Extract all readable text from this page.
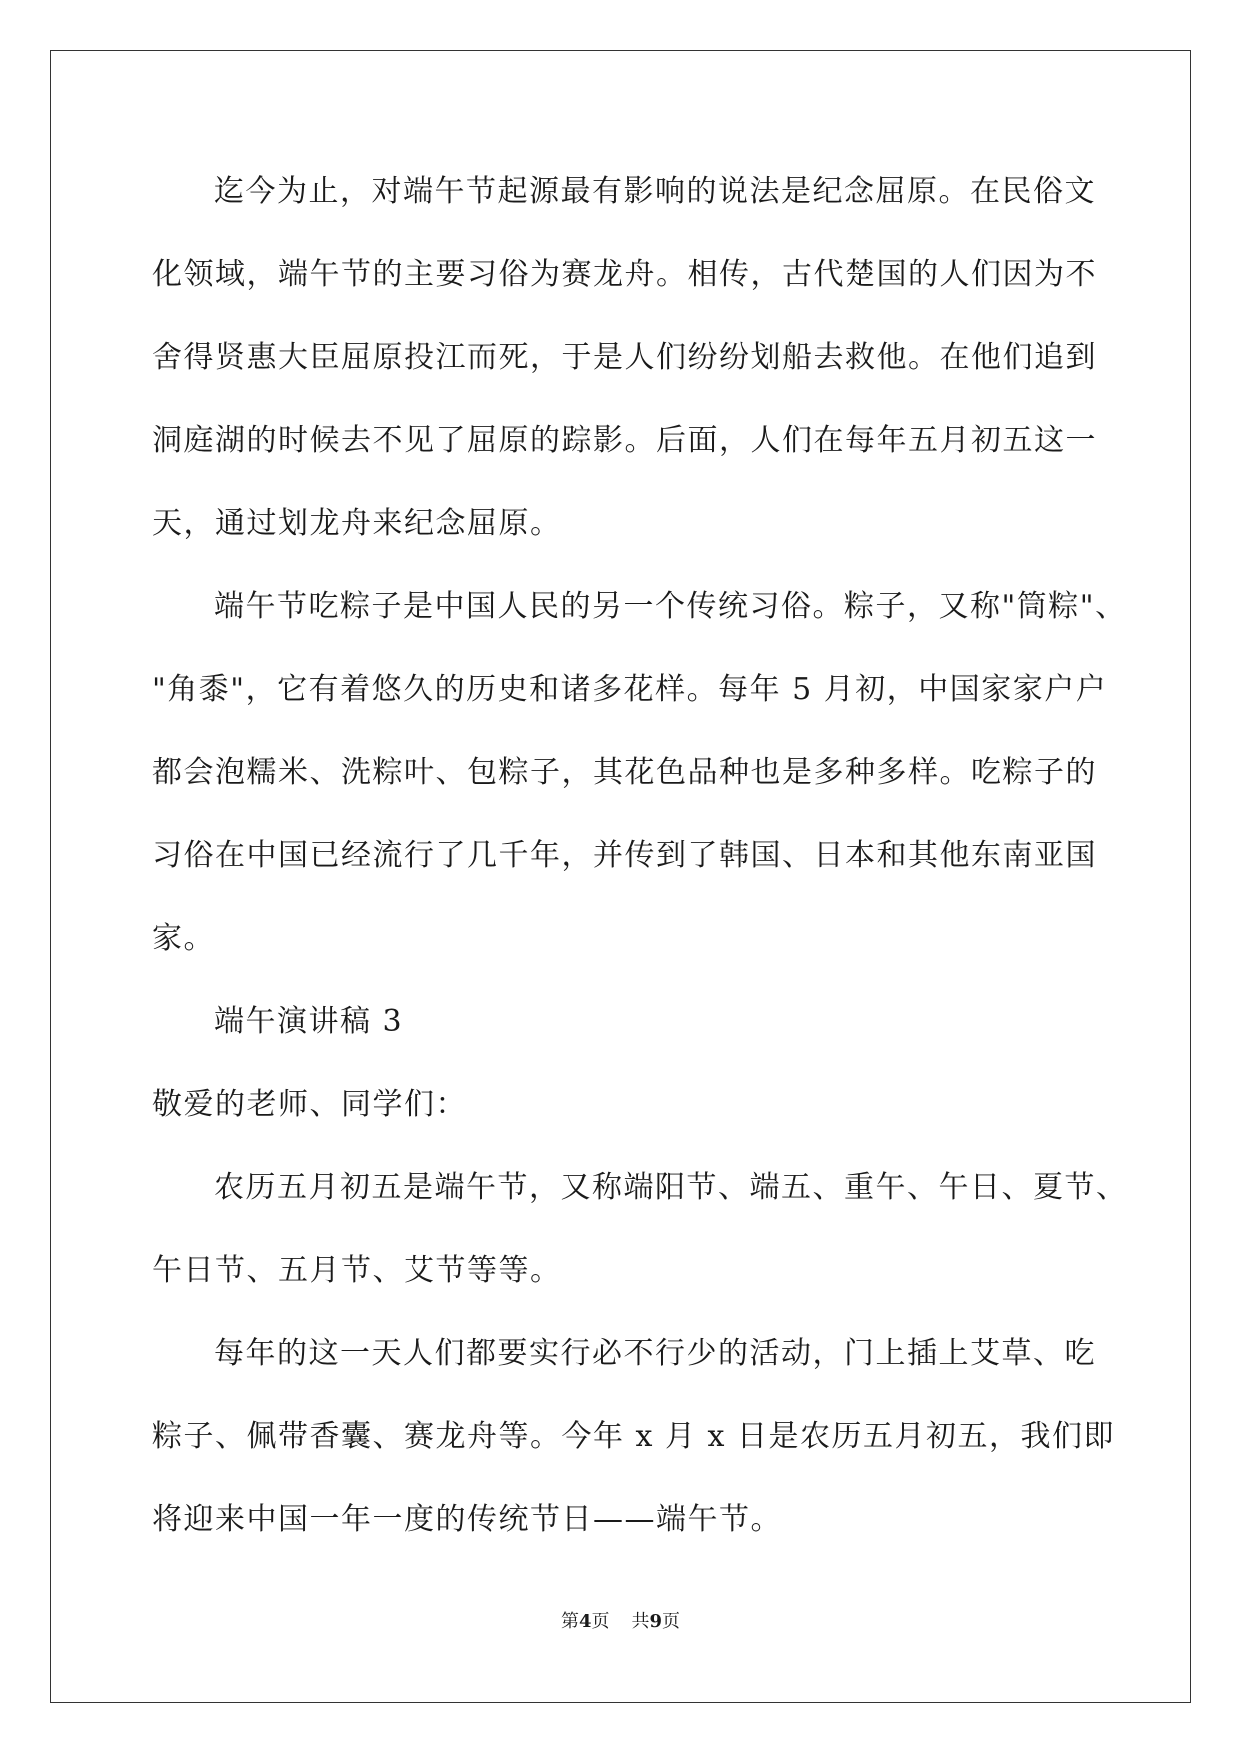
迄今为止，对端午节起源最有影响的说法是纪念屈原。在民俗文
化领域，端午节的主要习俗为赛龙舟。相传，古代楚国的人们因为不
舍得贤惠大臣屈原投江而死，于是人们纷纷划船去救他。在他们追到
洞庭湖的时候去不见了屈原的踪影。后面，人们在每年五月初五这一
天，通过划龙舟来纪念屈原。
端午节吃粽子是中国人民的另一个传统习俗。粽子，又称"筒粽"、
"角黍"，它有着悠久的历史和诸多花样。每年 5 月初，中国家家户户
都会泡糯米、洗粽叶、包粽子，其花色品种也是多种多样。吃粽子的
习俗在中国已经流行了几千年，并传到了韩国、日本和其他东南亚国
家。
端午演讲稿 3
敬爱的老师、同学们：
农历五月初五是端午节，又称端阳节、端五、重午、午日、夏节、
午日节、五月节、艾节等等。
每年的这一天人们都要实行必不行少的活动，门上插上艾草、吃
粽子、佩带香囊、赛龙舟等。今年 x 月 x 日是农历五月初五，我们即
将迎来中国一年一度的传统节日——端午节。
第4页 共9页
